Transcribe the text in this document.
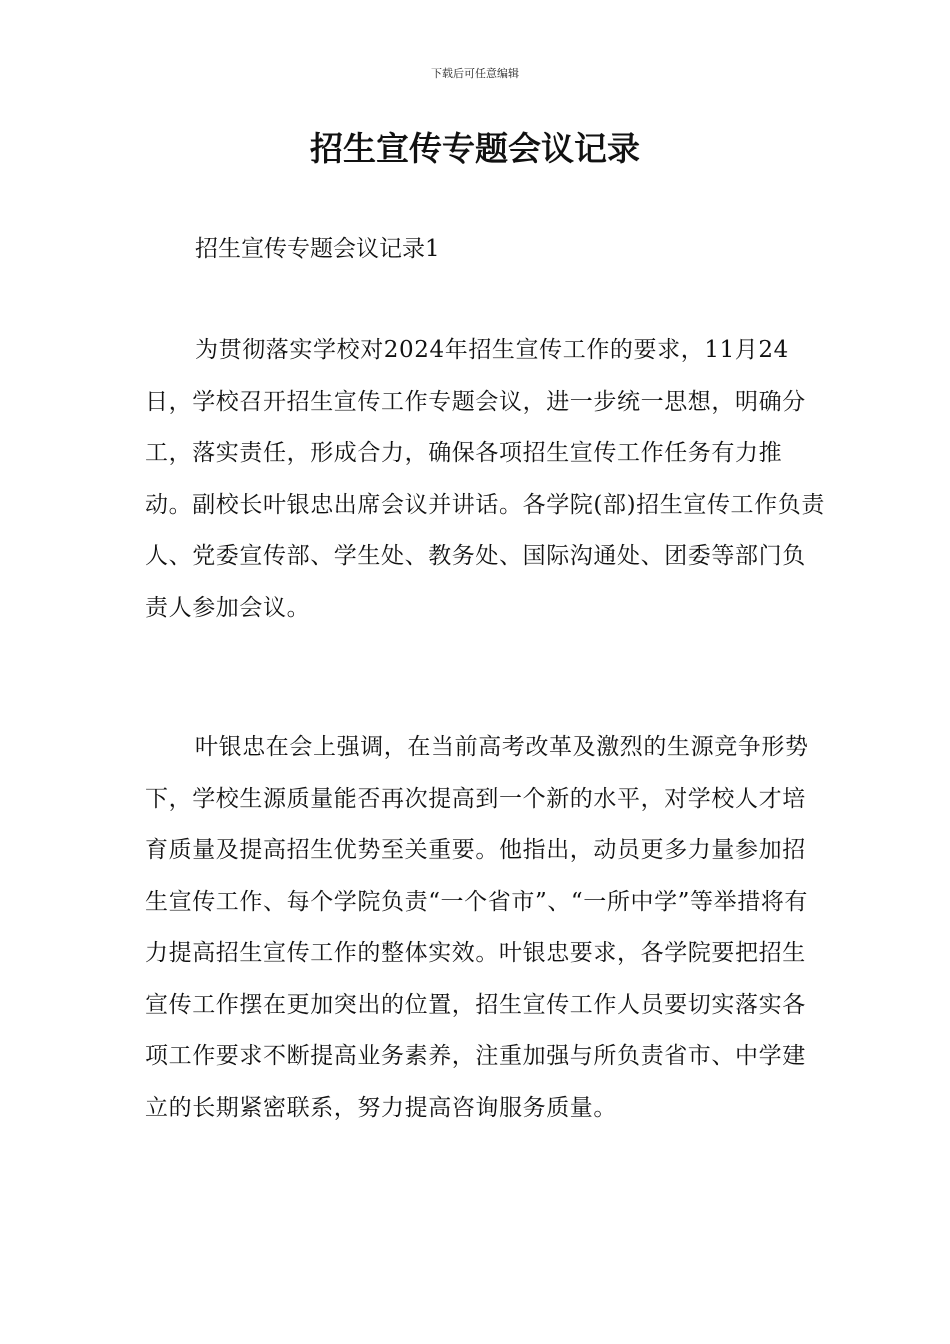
下载后可任意编辑
招生宣传专题会议记录

招生宣传专题会议记录1

为贯彻落实学校对2024年招生宣传工作的要求，11月24日，学校召开招生宣传工作专题会议，进一步统一思想，明确分工，落实责任，形成合力，确保各项招生宣传工作任务有力推动。副校长叶银忠出席会议并讲话。各学院(部)招生宣传工作负责人、党委宣传部、学生处、教务处、国际沟通处、团委等部门负责人参加会议。

叶银忠在会上强调，在当前高考改革及激烈的生源竞争形势下，学校生源质量能否再次提高到一个新的水平，对学校人才培育质量及提高招生优势至关重要。他指出，动员更多力量参加招生宣传工作、每个学院负责“一个省市”、“一所中学”等举措将有力提高招生宣传工作的整体实效。叶银忠要求，各学院要把招生宣传工作摆在更加突出的位置，招生宣传工作人员要切实落实各项工作要求不断提高业务素养，注重加强与所负责省市、中学建立的长期紧密联系，努力提高咨询服务质量。
